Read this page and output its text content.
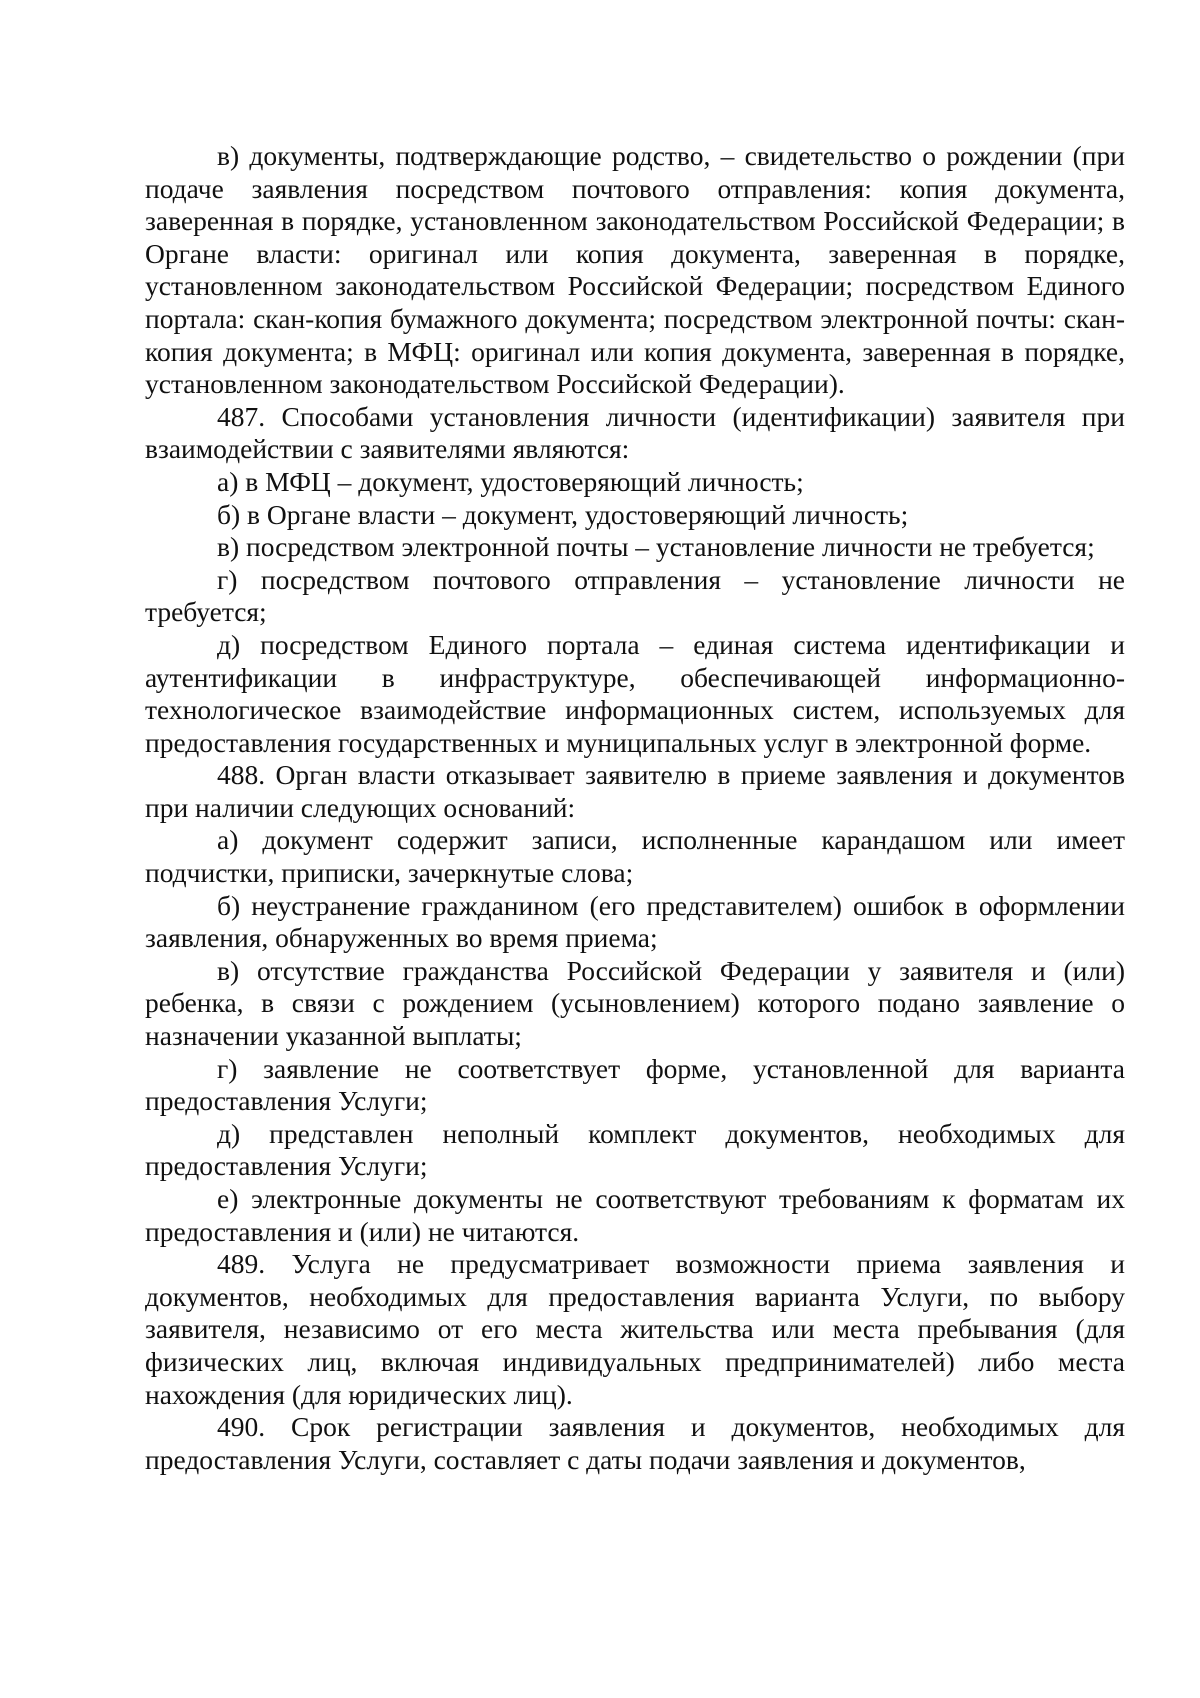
в) документы, подтверждающие родство, – свидетельство о рождении (при подаче заявления посредством почтового отправления: копия документа, заверенная в порядке, установленном законодательством Российской Федерации; в Органе власти: оригинал или копия документа, заверенная в порядке, установленном законодательством Российской Федерации; посредством Единого портала: скан-копия бумажного документа; посредством электронной почты: скан-копия документа; в МФЦ: оригинал или копия документа, заверенная в порядке, установленном законодательством Российской Федерации).

487. Способами установления личности (идентификации) заявителя при взаимодействии с заявителями являются:

а) в МФЦ – документ, удостоверяющий личность;

б) в Органе власти – документ, удостоверяющий личность;

в) посредством электронной почты – установление личности не требуется;

г) посредством почтового отправления – установление личности не требуется;

д) посредством Единого портала – единая система идентификации и аутентификации в инфраструктуре, обеспечивающей информационно-технологическое взаимодействие информационных систем, используемых для предоставления государственных и муниципальных услуг в электронной форме.

488. Орган власти отказывает заявителю в приеме заявления и документов при наличии следующих оснований:

а) документ содержит записи, исполненные карандашом или имеет подчистки, приписки, зачеркнутые слова;

б) неустранение гражданином (его представителем) ошибок в оформлении заявления, обнаруженных во время приема;

в) отсутствие гражданства Российской Федерации у заявителя и (или) ребенка, в связи с рождением (усыновлением) которого подано заявление о назначении указанной выплаты;

г) заявление не соответствует форме, установленной для варианта предоставления Услуги;

д) представлен неполный комплект документов, необходимых для предоставления Услуги;

е) электронные документы не соответствуют требованиям к форматам их предоставления и (или) не читаются.

489. Услуга не предусматривает возможности приема заявления и документов, необходимых для предоставления варианта Услуги, по выбору заявителя, независимо от его места жительства или места пребывания (для физических лиц, включая индивидуальных предпринимателей) либо места нахождения (для юридических лиц).

490. Срок регистрации заявления и документов, необходимых для предоставления Услуги, составляет с даты подачи заявления и документов,
